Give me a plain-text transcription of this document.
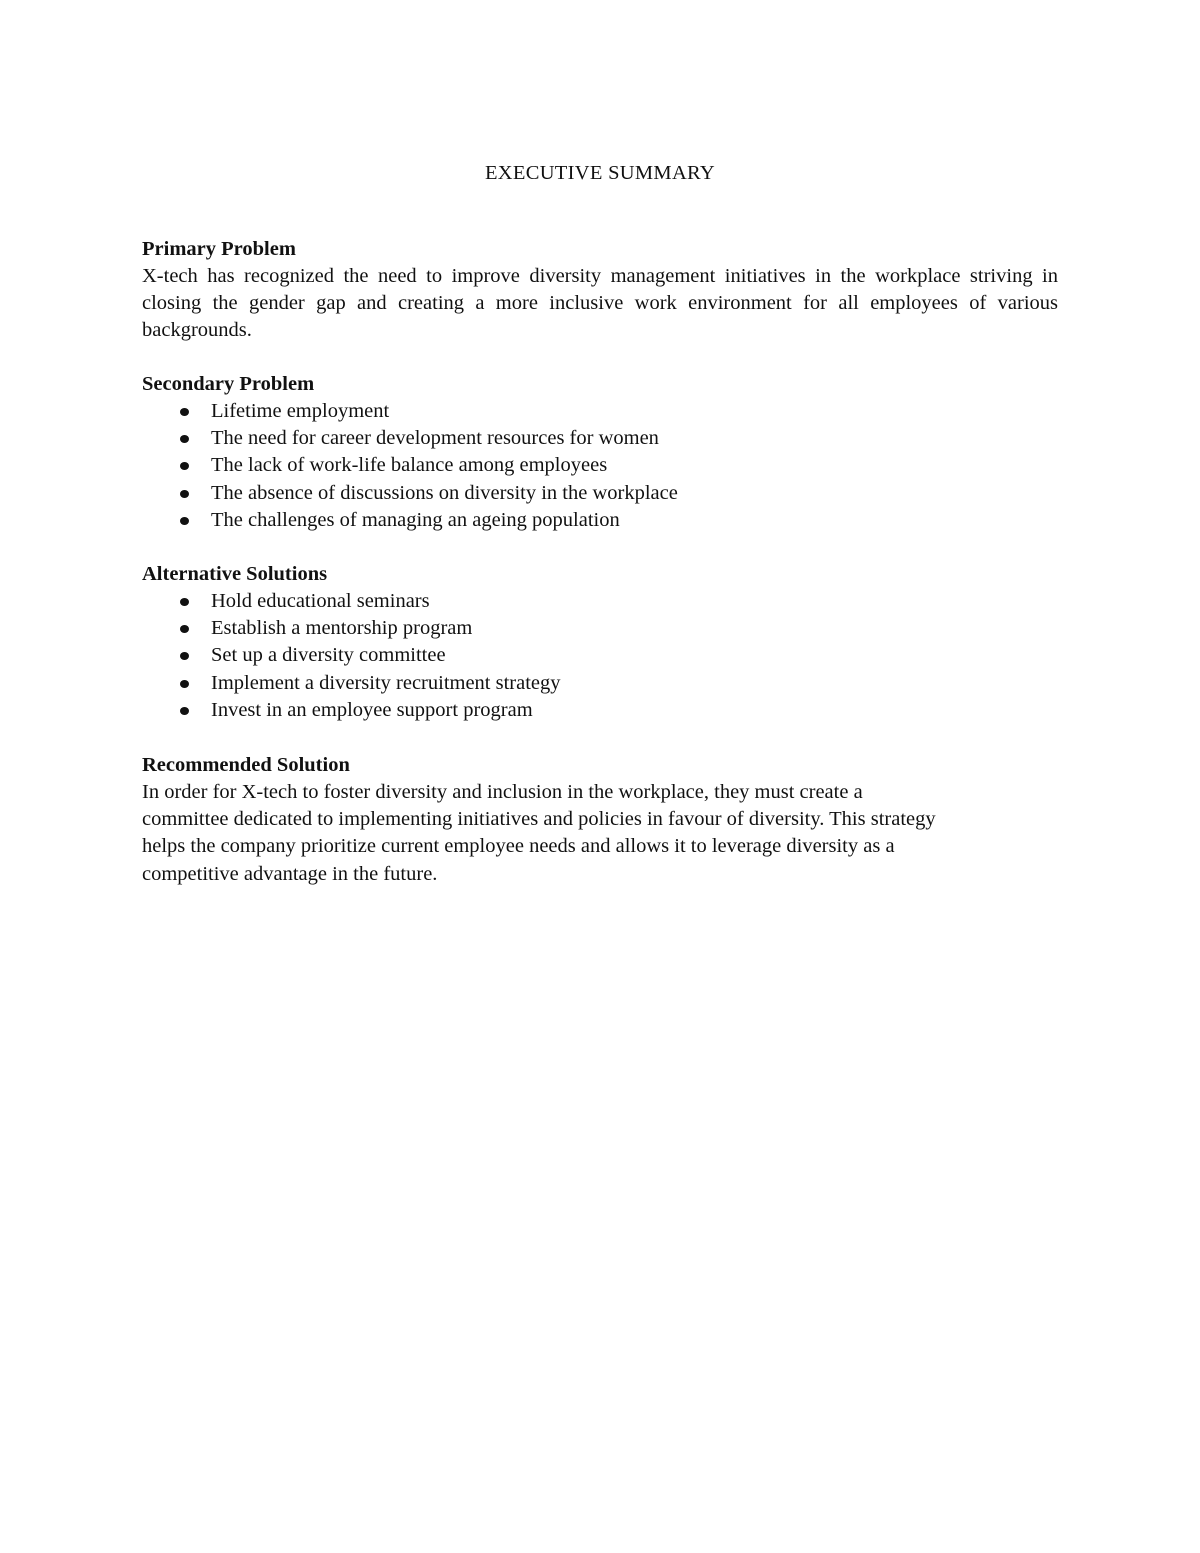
EXECUTIVE SUMMARY
Primary Problem
X-tech has recognized the need to improve diversity management initiatives in the workplace striving in closing the gender gap and creating a more inclusive work environment for all employees of various backgrounds.
Secondary Problem
Lifetime employment
The need for career development resources for women
The lack of work-life balance among employees
The absence of discussions on diversity in the workplace
The challenges of managing an ageing population
Alternative Solutions
Hold educational seminars
Establish a mentorship program
Set up a diversity committee
Implement a diversity recruitment strategy
Invest in an employee support program
Recommended Solution
In order for X-tech to foster diversity and inclusion in the workplace, they must create a
committee dedicated to implementing initiatives and policies in favour of diversity. This strategy
helps the company prioritize current employee needs and allows it to leverage diversity as a
competitive advantage in the future.
